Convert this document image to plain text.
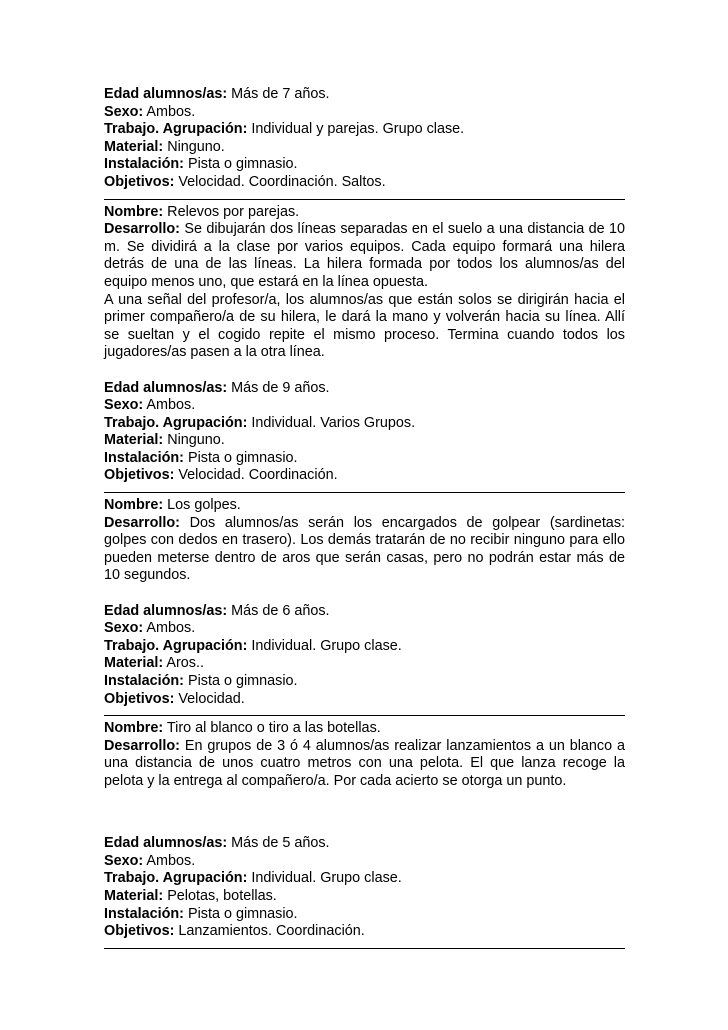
Edad alumnos/as: Más de 7 años.

Sexo: Ambos.

Trabajo. Agrupación: Individual y parejas. Grupo clase.

Material: Ninguno.

Instalación: Pista o gimnasio.

Objetivos: Velocidad. Coordinación. Saltos.

Nombre: Relevos por parejas.

Desarrollo: Se dibujarán dos líneas separadas en el suelo a una distancia de 10 m. Se dividirá a la clase por varios equipos. Cada equipo formará una hilera detrás de una de las líneas. La hilera formada por todos los alumnos/as del equipo menos uno, que estará en la línea opuesta.

A una señal del profesor/a, los alumnos/as que están solos se dirigirán hacia el primer compañero/a de su hilera, le dará la mano y volverán hacia su línea. Allí se sueltan y el cogido repite el mismo proceso. Termina cuando todos los jugadores/as pasen a la otra línea.

Edad alumnos/as: Más de 9 años.

Sexo: Ambos.

Trabajo. Agrupación: Individual. Varios Grupos.

Material: Ninguno.

Instalación: Pista o gimnasio.

Objetivos: Velocidad. Coordinación.

Nombre: Los golpes.

Desarrollo: Dos alumnos/as serán los encargados de golpear (sardinetas: golpes con dedos en trasero). Los demás tratarán de no recibir ninguno para ello pueden meterse dentro de aros que serán casas, pero no podrán estar más de 10 segundos.

Edad alumnos/as: Más de 6 años.

Sexo: Ambos.

Trabajo. Agrupación: Individual. Grupo clase.

Material: Aros..

Instalación: Pista o gimnasio.

Objetivos: Velocidad.

Nombre: Tiro al blanco o tiro a las botellas.

Desarrollo: En grupos de 3 ó 4 alumnos/as realizar lanzamientos a un blanco a una distancia de unos cuatro metros con una pelota. El que lanza recoge la pelota y la entrega al compañero/a. Por cada acierto se otorga un punto.

Edad alumnos/as: Más de 5 años.

Sexo: Ambos.

Trabajo. Agrupación: Individual. Grupo clase.

Material: Pelotas, botellas.

Instalación: Pista o gimnasio.

Objetivos: Lanzamientos. Coordinación.
